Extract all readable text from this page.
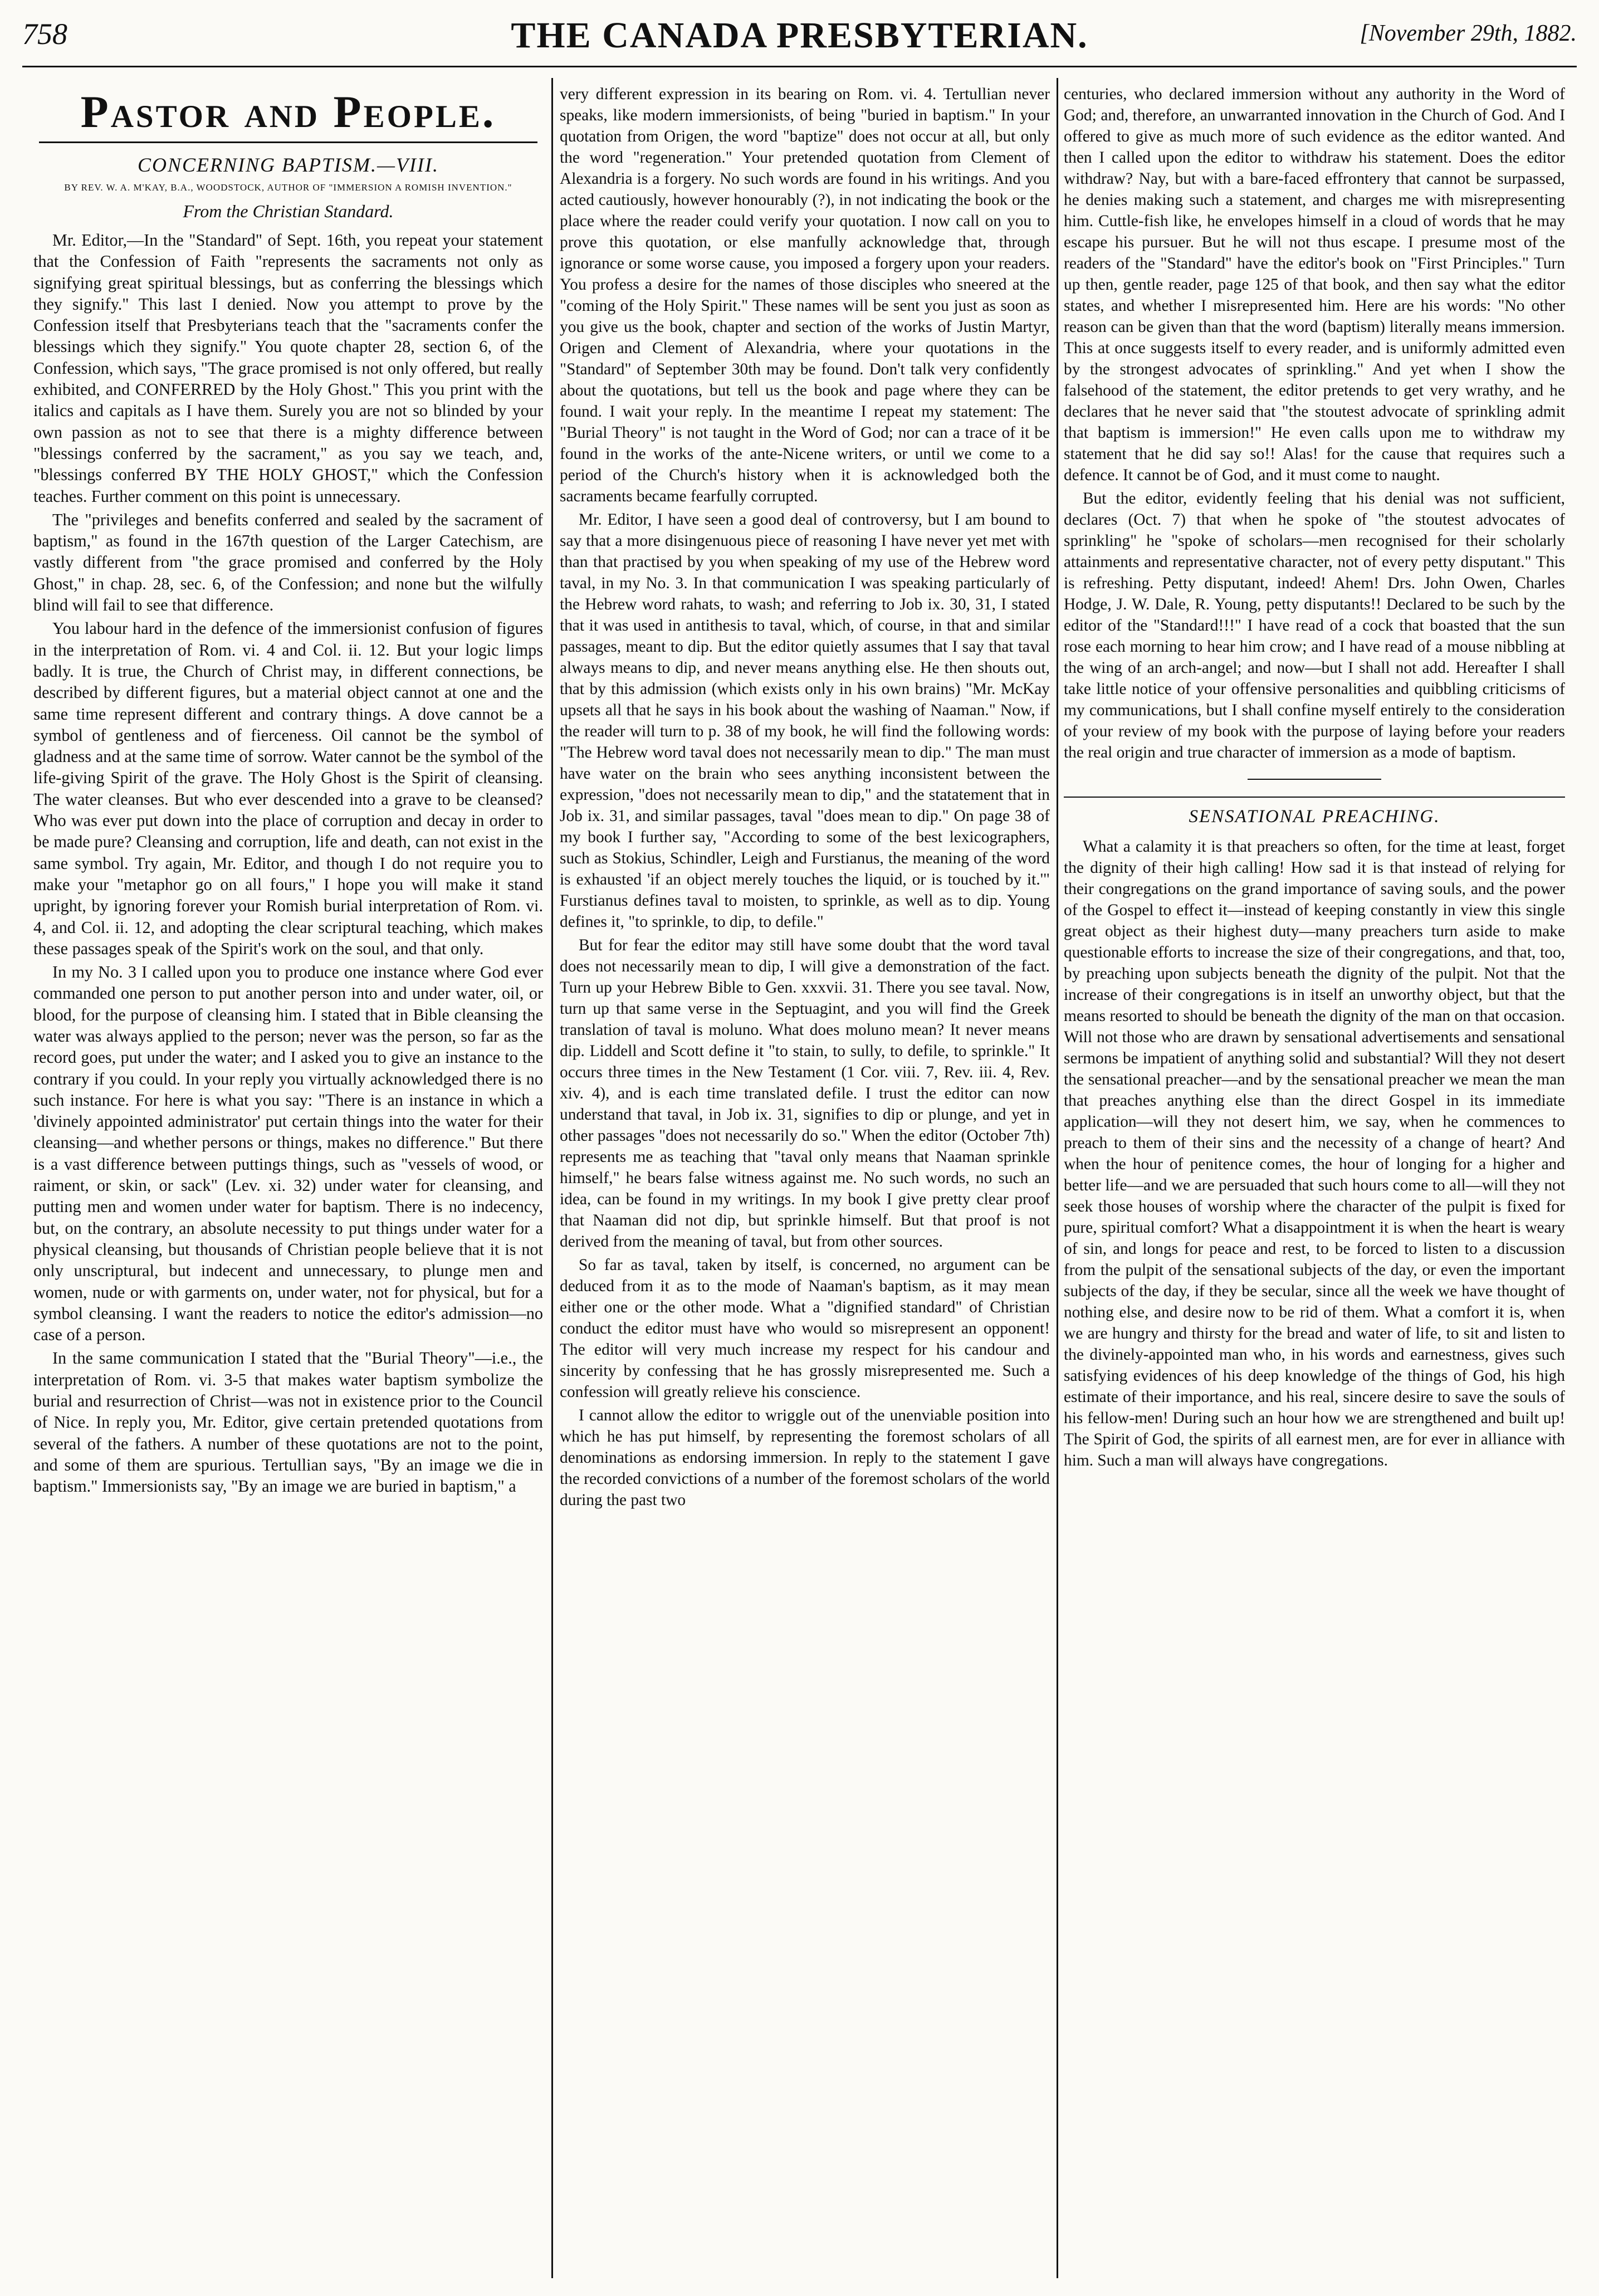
758	THE CANADA PRESBYTERIAN.	[November 29th, 1882.
Pastor and People.
CONCERNING BAPTISM.—VIII.
BY REV. W. A. M'KAY, B.A., WOODSTOCK, AUTHOR OF "IMMERSION A ROMISH INVENTION."
From the Christian Standard.

Mr. Editor,—In the "Standard" of Sept. 16th, you repeat your statement that the Confession of Faith "represents the sacraments not only as signifying great spiritual blessings, but as conferring the blessings which they signify." This last I denied. Now you attempt to prove by the Confession itself that Presbyterians teach that the "sacraments confer the blessings which they signify." You quote chapter 28, section 6, of the Confession, which says, "The grace promised is not only offered, but really exhibited, and CONFERRED by the Holy Ghost." This you print with the italics and capitals as I have them. Surely you are not so blinded by your own passion as not to see that there is a mighty difference between "blessings conferred by the sacrament," as you say we teach, and, "blessings conferred BY THE HOLY GHOST," which the Confession teaches. Further comment on this point is unnecessary.

The "privileges and benefits conferred and sealed by the sacrament of baptism," as found in the 167th question of the Larger Catechism, are vastly different from "the grace promised and conferred by the Holy Ghost," in chap. 28, sec. 6, of the Confession; and none but the wilfully blind will fail to see that difference.

You labour hard in the defence of the immersionist confusion of figures in the interpretation of Rom. vi. 4 and Col. ii. 12. But your logic limps badly. It is true, the Church of Christ may, in different connections, be described by different figures, but a material object cannot at one and the same time represent different and contrary things. A dove cannot be a symbol of gentleness and of fierceness. Oil cannot be the symbol of gladness and at the same time of sorrow. Water cannot be the symbol of the life-giving Spirit of the grave. The Holy Ghost is the Spirit of cleansing. The water cleanses. But who ever descended into a grave to be cleansed? Who was ever put down into the place of corruption and decay in order to be made pure? Cleansing and corruption, life and death, can not exist in the same symbol. Try again, Mr. Editor, and though I do not require you to make your "metaphor go on all fours," I hope you will make it stand upright, by ignoring forever your Romish burial interpretation of Rom. vi. 4, and Col. ii. 12, and adopting the clear scriptural teaching, which makes these passages speak of the Spirit's work on the soul, and that only.

In my No. 3 I called upon you to produce one instance where God ever commanded one person to put another person into and under water, oil, or blood, for the purpose of cleansing him. I stated that in Bible cleansing the water was always applied to the person; never was the person, so far as the record goes, put under the water; and I asked you to give an instance to the contrary if you could. In your reply you virtually acknowledged there is no such instance. For here is what you say: "There is an instance in which a 'divinely appointed administrator' put certain things into the water for their cleansing—and whether persons or things, makes no difference." But there is a vast difference between puttings things, such as "vessels of wood, or raiment, or skin, or sack" (Lev. xi. 32) under water for cleansing, and putting men and women under water for baptism. There is no indecency, but, on the contrary, an absolute necessity to put things under water for a physical cleansing, but thousands of Christian people believe that it is not only unscriptural, but indecent and unnecessary, to plunge men and women, nude or with garments on, under water, not for physical, but for a symbol cleansing. I want the readers to notice the editor's admission—no case of a person.

In the same communication I stated that the "Burial Theory"—i.e., the interpretation of Rom. vi. 3-5 that makes water baptism symbolize the burial and resurrection of Christ—was not in existence prior to the Council of Nice. In reply you, Mr. Editor, give certain pretended quotations from several of the fathers. A number of these quotations are not to the point, and some of them are spurious. Tertullian says, "By an image we die in baptism." Immersionists say, "By an image we are buried in baptism," a

very different expression in its bearing on Rom. vi. 4. Tertullian never speaks, like modern immersionists, of being "buried in baptism." In your quotation from Origen, the word "baptize" does not occur at all, but only the word "regeneration." Your pretended quotation from Clement of Alexandria is a forgery. No such words are found in his writings. And you acted cautiously, however honourably (?), in not indicating the book or the place where the reader could verify your quotation. I now call on you to prove this quotation, or else manfully acknowledge that, through ignorance or some worse cause, you imposed a forgery upon your readers. You profess a desire for the names of those disciples who sneered at the "coming of the Holy Spirit." These names will be sent you just as soon as you give us the book, chapter and section of the works of Justin Martyr, Origen and Clement of Alexandria, where your quotations in the "Standard" of September 30th may be found. Don't talk very confidently about the quotations, but tell us the book and page where they can be found. I wait your reply. In the meantime I repeat my statement: The "Burial Theory" is not taught in the Word of God; nor can a trace of it be found in the works of the ante-Nicene writers, or until we come to a period of the Church's history when it is acknowledged both the sacraments became fearfully corrupted.

Mr. Editor, I have seen a good deal of controversy, but I am bound to say that a more disingenuous piece of reasoning I have never yet met with than that practised by you when speaking of my use of the Hebrew word taval, in my No. 3. In that communication I was speaking particularly of the Hebrew word rahats, to wash; and referring to Job ix. 30, 31, I stated that it was used in antithesis to taval, which, of course, in that and similar passages, meant to dip. But the editor quietly assumes that I say that taval always means to dip, and never means anything else. He then shouts out, that by this admission (which exists only in his own brains) "Mr. McKay upsets all that he says in his book about the washing of Naaman." Now, if the reader will turn to p. 38 of my book, he will find the following words: "The Hebrew word taval does not necessarily mean to dip." The man must have water on the brain who sees anything inconsistent between the expression, "does not necessarily mean to dip," and the statatement that in Job ix. 31, and similar passages, taval "does mean to dip." On page 38 of my book I further say, "According to some of the best lexicographers, such as Stokius, Schindler, Leigh and Furstianus, the meaning of the word is exhausted 'if an object merely touches the liquid, or is touched by it.'" Furstianus defines taval to moisten, to sprinkle, as well as to dip. Young defines it, "to sprinkle, to dip, to defile."

But for fear the editor may still have some doubt that the word taval does not necessarily mean to dip, I will give a demonstration of the fact. Turn up your Hebrew Bible to Gen. xxxvii. 31. There you see taval. Now, turn up that same verse in the Septuagint, and you will find the Greek translation of taval is moluno. What does moluno mean? It never means dip. Liddell and Scott define it "to stain, to sully, to defile, to sprinkle." It occurs three times in the New Testament (1 Cor. viii. 7, Rev. iii. 4, Rev. xiv. 4), and is each time translated defile. I trust the editor can now understand that taval, in Job ix. 31, signifies to dip or plunge, and yet in other passages "does not necessarily do so." When the editor (October 7th) represents me as teaching that "taval only means that Naaman sprinkle himself," he bears false witness against me. No such words, no such an idea, can be found in my writings. In my book I give pretty clear proof that Naaman did not dip, but sprinkle himself. But that proof is not derived from the meaning of taval, but from other sources.

So far as taval, taken by itself, is concerned, no argument can be deduced from it as to the mode of Naaman's baptism, as it may mean either one or the other mode. What a "dignified standard" of Christian conduct the editor must have who would so misrepresent an opponent! The editor will very much increase my respect for his candour and sincerity by confessing that he has grossly misrepresented me. Such a confession will greatly relieve his conscience.

I cannot allow the editor to wriggle out of the unenviable position into which he has put himself, by representing the foremost scholars of all denominations as endorsing immersion. In reply to the statement I gave the recorded convictions of a number of the foremost scholars of the world during the past two

centuries, who declared immersion without any authority in the Word of God; and, therefore, an unwarranted innovation in the Church of God. And I offered to give as much more of such evidence as the editor wanted. And then I called upon the editor to withdraw his statement. Does the editor withdraw? Nay, but with a bare-faced effrontery that cannot be surpassed, he denies making such a statement, and charges me with misrepresenting him. Cuttle-fish like, he envelopes himself in a cloud of words that he may escape his pursuer. But he will not thus escape. I presume most of the readers of the "Standard" have the editor's book on "First Principles." Turn up then, gentle reader, page 125 of that book, and then say what the editor states, and whether I misrepresented him. Here are his words: "No other reason can be given than that the word (baptism) literally means immersion. This at once suggests itself to every reader, and is uniformly admitted even by the strongest advocates of sprinkling." And yet when I show the falsehood of the statement, the editor pretends to get very wrathy, and he declares that he never said that "the stoutest advocate of sprinkling admit that baptism is immersion!" He even calls upon me to withdraw my statement that he did say so!! Alas! for the cause that requires such a defence. It cannot be of God, and it must come to naught.

But the editor, evidently feeling that his denial was not sufficient, declares (Oct. 7) that when he spoke of "the stoutest advocates of sprinkling" he "spoke of scholars—men recognised for their scholarly attainments and representative character, not of every petty disputant." This is refreshing. Petty disputant, indeed! Ahem! Drs. John Owen, Charles Hodge, J. W. Dale, R. Young, petty disputants!! Declared to be such by the editor of the "Standard!!!" I have read of a cock that boasted that the sun rose each morning to hear him crow; and I have read of a mouse nibbling at the wing of an arch-angel; and now—but I shall not add. Hereafter I shall take little notice of your offensive personalities and quibbling criticisms of my communications, but I shall confine myself entirely to the consideration of your review of my book with the purpose of laying before your readers the real origin and true character of immersion as a mode of baptism.

SENSATIONAL PREACHING.

What a calamity it is that preachers so often, for the time at least, forget the dignity of their high calling! How sad it is that instead of relying for their congregations on the grand importance of saving souls, and the power of the Gospel to effect it—instead of keeping constantly in view this single great object as their highest duty—many preachers turn aside to make questionable efforts to increase the size of their congregations, and that, too, by preaching upon subjects beneath the dignity of the pulpit. Not that the increase of their congregations is in itself an unworthy object, but that the means resorted to should be beneath the dignity of the man on that occasion. Will not those who are drawn by sensational advertisements and sensational sermons be impatient of anything solid and substantial? Will they not desert the sensational preacher—and by the sensational preacher we mean the man that preaches anything else than the direct Gospel in its immediate application—will they not desert him, we say, when he commences to preach to them of their sins and the necessity of a change of heart? And when the hour of penitence comes, the hour of longing for a higher and better life—and we are persuaded that such hours come to all—will they not seek those houses of worship where the character of the pulpit is fixed for pure, spiritual comfort? What a disappointment it is when the heart is weary of sin, and longs for peace and rest, to be forced to listen to a discussion from the pulpit of the sensational subjects of the day, or even the important subjects of the day, if they be secular, since all the week we have thought of nothing else, and desire now to be rid of them. What a comfort it is, when we are hungry and thirsty for the bread and water of life, to sit and listen to the divinely-appointed man who, in his words and earnestness, gives such satisfying evidences of his deep knowledge of the things of God, his high estimate of their importance, and his real, sincere desire to save the souls of his fellow-men! During such an hour how we are strengthened and built up! The Spirit of God, the spirits of all earnest men, are for ever in alliance with him. Such a man will always have congregations.
